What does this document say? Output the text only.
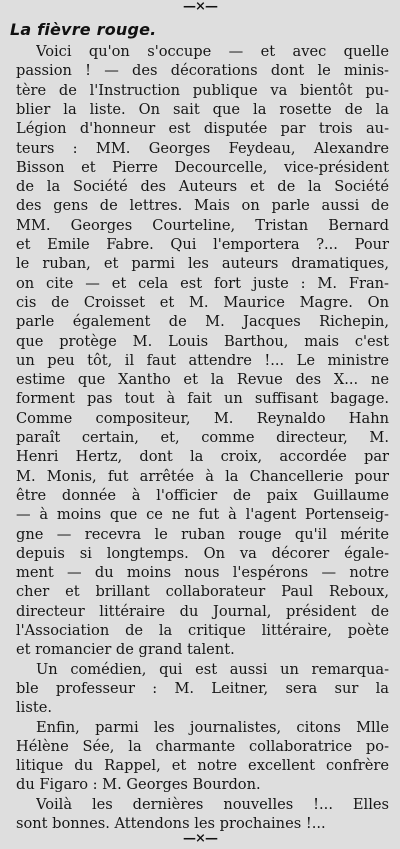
—×—
La fièvre rouge.
Voici qu'on s'occupe — et avec quelle
passion ! — des décorations dont le minis-
tère de l'Instruction publique va bientôt pu-
blier la liste. On sait que la rosette de la
Légion d'honneur est disputée par trois au-
teurs : MM. Georges Feydeau, Alexandre
Bisson et Pierre Decourcelle, vice-président
de la Société des Auteurs et de la Société
des gens de lettres. Mais on parle aussi de
MM. Georges Courteline, Tristan Bernard
et Emile Fabre. Qui l'emportera ?... Pour
le ruban, et parmi les auteurs dramatiques,
on cite — et cela est fort juste : M. Fran-
cis de Croisset et M. Maurice Magre. On
parle également de M. Jacques Richepin,
que protège M. Louis Barthou, mais c'est
un peu tôt, il faut attendre !... Le ministre
estime que Xantho et la Revue des X... ne
forment pas tout à fait un suffisant bagage.
Comme compositeur, M. Reynaldo Hahn
paraît certain, et, comme directeur, M.
Henri Hertz, dont la croix, accordée par
M. Monis, fut arrêtée à la Chancellerie pour
être donnée à l'officier de paix Guillaume
— à moins que ce ne fut à l'agent Portenseig-
gne — recevra le ruban rouge qu'il mérite
depuis si longtemps. On va décorer égale-
ment — du moins nous l'espérons — notre
cher et brillant collaborateur Paul Reboux,
directeur littéraire du Journal, président de
l'Association de la critique littéraire, poète
et romancier de grand talent.
Un comédien, qui est aussi un remarqua-
ble professeur : M. Leitner, sera sur la
liste.
Enfin, parmi les journalistes, citons Mlle
Hélène Sée, la charmante collaboratrice po-
litique du Rappel, et notre excellent confrère
du Figaro : M. Georges Bourdon.
Voilà les dernières nouvelles !... Elles
sont bonnes. Attendons les prochaines !...
—×—
